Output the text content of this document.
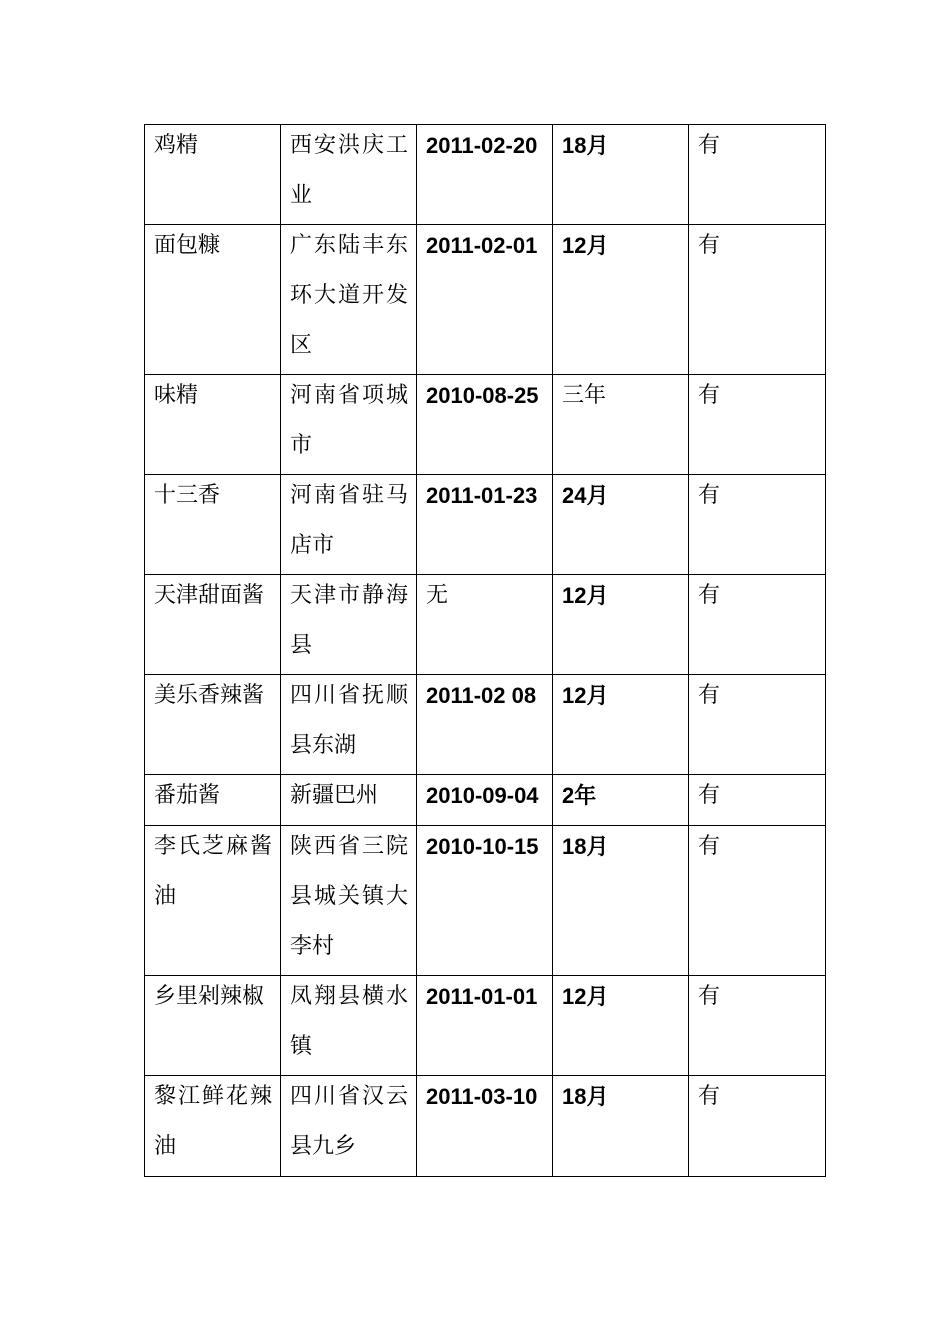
鸡精	西安洪庆工业	2011-02-20	18月	有

面包糠	广东陆丰东环大道开发区	2011-02-01	12月	有

味精	河南省项城市	2010-08-25	三年	有

十三香	河南省驻马店市	2011-01-23	24月	有

天津甜面酱	天津市静海县	无	12月	有

美乐香辣酱	四川省抚顺县东湖	2011-02 08	12月	有

番茄酱	新疆巴州	2010-09-04	2年	有

李氏芝麻酱油	陕西省三院县城关镇大李村	2010-10-15	18月	有

乡里剁辣椒	凤翔县横水镇	2011-01-01	12月	有

黎江鲜花辣油	四川省汉云县九乡	2011-03-10	18月	有
